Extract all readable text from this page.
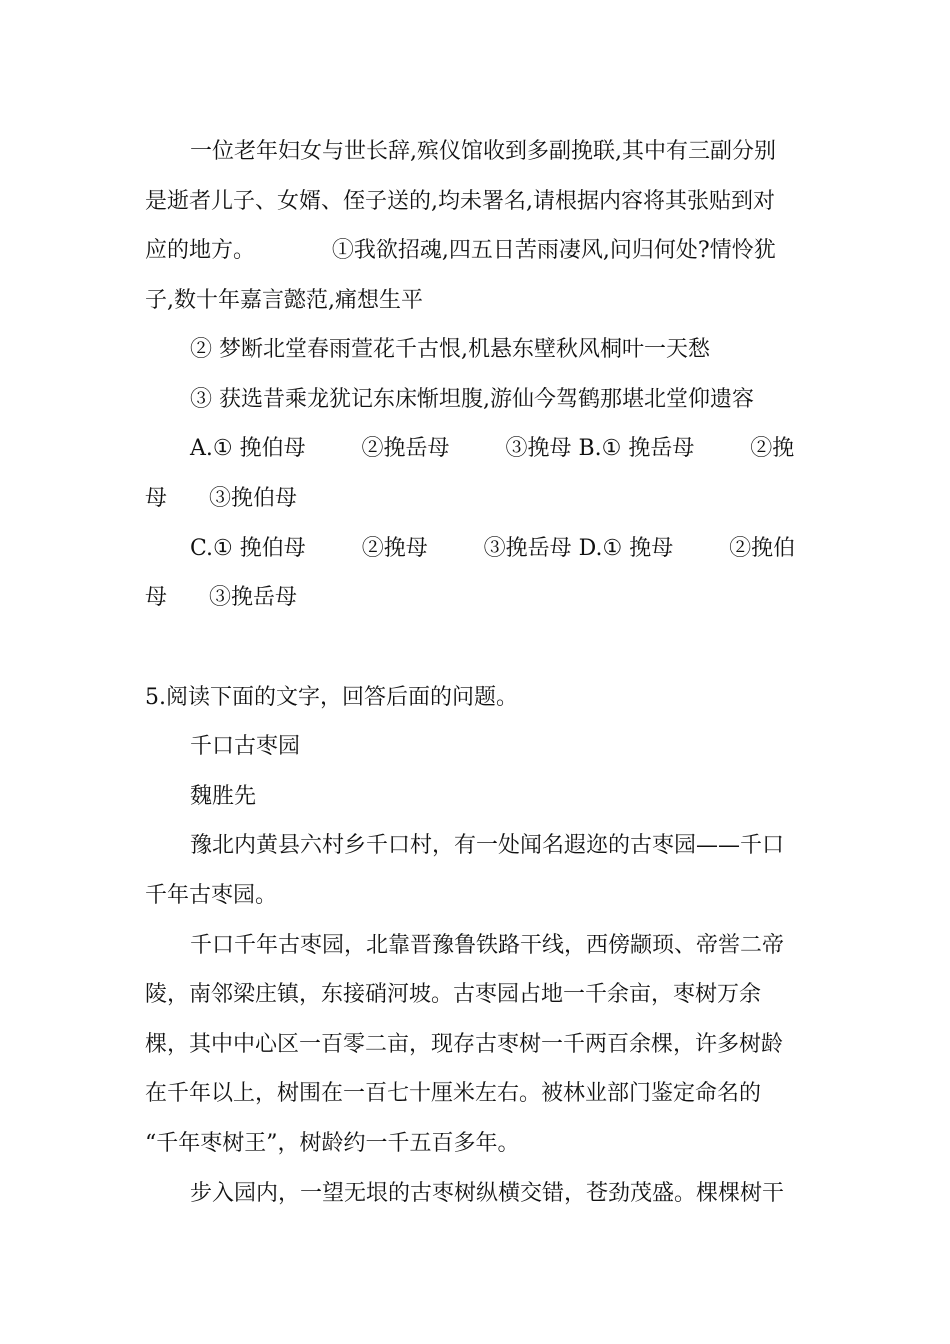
一位老年妇女与世长辞,殡仪馆收到多副挽联,其中有三副分别

是逝者儿子、女婿、侄子送的,均未署名,请根据内容将其张贴到对

应的地方。           ①我欲招魂,四五日苦雨凄风,问归何处?情怜犹

子,数十年嘉言懿范,痛想生平

② 梦断北堂春雨萱花千古恨,机悬东壁秋风桐叶一天愁

③ 获选昔乘龙犹记东床惭坦腹,游仙今驾鹤那堪北堂仰遗容

A.① 挽伯母        ②挽岳母        ③挽母 B.① 挽岳母        ②挽

母      ③挽伯母

C.① 挽伯母        ②挽母        ③挽岳母 D.① 挽母        ②挽伯

母      ③挽岳母

5.阅读下面的文字，回答后面的问题。

千口古枣园

魏胜先

豫北内黄县六村乡千口村，有一处闻名遐迩的古枣园——千口

千年古枣园。

千口千年古枣园，北靠晋豫鲁铁路干线，西傍颛顼、帝喾二帝

陵，南邻梁庄镇，东接硝河坡。古枣园占地一千余亩，枣树万余

棵，其中中心区一百零二亩，现存古枣树一千两百余棵，许多树龄

在千年以上，树围在一百七十厘米左右。被林业部门鉴定命名的

“千年枣树王”，树龄约一千五百多年。

步入园内，一望无垠的古枣树纵横交错，苍劲茂盛。棵棵树干
